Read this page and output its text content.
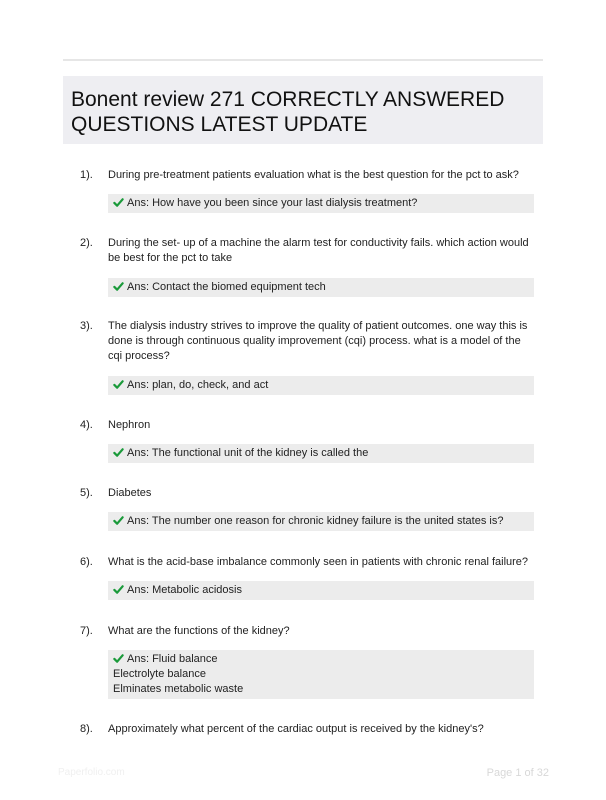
Bonent review 271 CORRECTLY ANSWERED QUESTIONS LATEST UPDATE
1). During pre-treatment patients evaluation what is the best question for the pct to ask?
Ans: How have you been since your last dialysis treatment?
2). During the set- up of a machine the alarm test for conductivity fails. which action would be best for the pct to take
Ans: Contact the biomed equipment tech
3). The dialysis industry strives to improve the quality of patient outcomes. one way this is done is through continuous quality improvement (cqi) process. what is a model of the cqi process?
Ans: plan, do, check, and act
4). Nephron
Ans: The functional unit of the kidney is called the
5). Diabetes
Ans: The number one reason for chronic kidney failure is the united states is?
6). What is the acid-base imbalance commonly seen in patients with chronic renal failure?
Ans: Metabolic acidosis
7). What are the functions of the kidney?
Ans: Fluid balance
Electrolyte balance
Elminates metabolic waste
8). Approximately what percent of the cardiac output is received by the kidney's?
Paperfolio.com	Page 1 of 32
